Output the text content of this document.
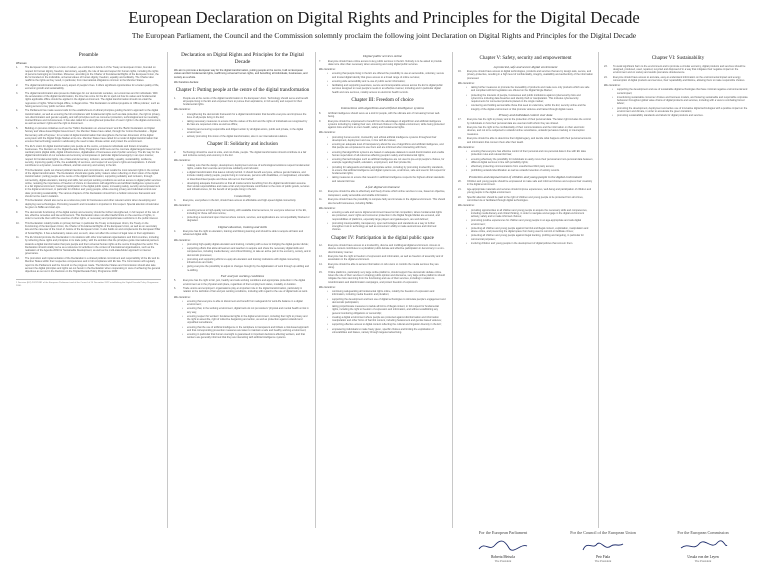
European Declaration on Digital Rights and Principles for the Digital Decade

The European Parliament, the Council and the Commission solemnly proclaim the following joint Declaration on Digital Rights and Principles for the Digital Decade

Preamble
Whereas:
1.	The European Union (EU) is a 'union of values', as enshrined in Article 2 of the Treaty on European Union, founded on respect for human dignity, freedom, democracy, equality, the rule of law and respect for human rights, including the rights of persons belonging to minorities. Moreover, according to the Charter of Fundamental Rights of the European Union, the EU is founded on the indivisible, universal values of human dignity, freedom, equality and solidarity. The Charter also reaffirms the rights as they result, in particular, from international obligations common to the Member States.
2.	The digital transformation affects every aspect of people's lives. It offers significant opportunities for a better quality of life, economic growth and sustainability.
3.	The digital transformation also presents challenges for our democratic societies, our economies and for individuals. With the acceleration of the digital transformation, the time has come for the EU to spell out how its values and fundamental rights applicable offline should be applied in the digital environment. The digital transformation should not entail the regression of rights. What is illegal offline, is illegal online. This Declaration is without prejudice to 'offline policies', such as having access to key public services offline.
4.	The Parliament has made several calls for the establishment of ethical principles guiding the EU's approach to the digital transformation, as well as ensuring the full compliance with fundamental rights such as data protection, the right to privacy, non-discrimination and gender equality, and with principles such as consumer protection, technological and net neutrality, trustworthiness and inclusiveness. It has also called for a strengthened protection of users' rights in the digital environment, as well as workers' rights and the right to disconnect.
5.	Building on previous initiatives such as the 'Tallinn Declaration on eGovernment' and the 'Berlin Declaration on Digital Society and Value-based Digital Government', the Member States have called, through the 'Lisbon Declaration – Digital Democracy with a Purpose', for a model of digital transformation that strengthens the human dimension of the digital ecosystem with the Digital Single Market at its core. Member States have called for a model of digital transformation that ensures that technology assists in addressing the need to take climate action and protect the environment.
6.	The EU's vision for digital transformation puts people at the centre, empowers individuals and fosters innovative businesses. The Decision on the Digital Decade Policy Programme 2030 sets out the concrete digital targets based on four cardinal points (digital skills, digital infrastructures, digitalisation of businesses and of public services). The EU way for the digital transformation of our societies and economy encompasses in particular digital sovereignty in an open manner, respect for fundamental rights, rule of law and democracy, inclusion, accessibility, equality, sustainability, resilience, security, improving quality of life, the availability of services, and respect of everyone's rights and aspirations. It should contribute to a dynamic, resource efficient, and fair economy and society in the EU.
7.	This Declaration spells out shared political intentions and commitments, and recalls the most relevant rights in the context of the digital transformation. The Declaration should also guide policy makers when reflecting on their vision of the digital transformation: putting people at the centre of the digital transformation; supporting solidarity and inclusion, through connectivity, digital education, training and skills, fair and just working conditions as well as access to digital public services online; restating the importance of freedom of choice in interactions with algorithms and artificial intelligence systems and in a fair digital environment; fostering participation in the digital public space; increasing safety, security and empowerment in the digital environment, in particular for children and young people, while ensuring privacy and individual control over data; promoting sustainability. The various chapters of this Declaration should form a holistic reference framework and should not be read in isolation.
8.	This Declaration should also serve as a reference point for businesses and other relevant actors when developing and deploying new technologies. Promoting research and innovation is important in this respect. Special attention should also be given to SMEs and start-ups.
9.	The democratic functioning of the digital society and economy should be further strengthened, in full respect of the rule of law, effective remedies and law enforcement. This Declaration does not affect lawful limits on the exercise of rights, in order to reconcile them with the exercise of other rights, or necessary and proportionate restrictions in the public interest.
10.	This Declaration notably builds on primary EU law, in particular the Treaty on European Union, the Treaty on the Functioning of the European Union, the Charter of Fundamental Rights of the European Union, as well as on secondary law and the case-law of the Court of Justice of the European Union. It also builds on and complements the European Pillar of Social Rights. It has a declaratory nature and, as such, does not affect the content of legal rules or their application.
11.	The EU should promote the Declaration in its relations with other international organisations and third countries, including by reflecting these rights and principles in its trade policy, with the ambition that the principles guide international partners towards a digital transformation that puts people and their universal human rights at the centre throughout the world. The Declaration should notably serve as a reference for activities in the context of international organisations, such as the realisation of the Agenda 2030 for Sustainable Development, as well as the multi-stakeholder approach to internet governance.
12.	The promotion and implementation of the Declaration is a shared political commitment and responsibility of the EU and its Member States within their respective competences and in full compliance with EU law. The Commission will regularly report to the Parliament and the Council on the progress made. The Member States and Commission should also take account the digital principles and rights set out herein in the Declaration when cooperating in view of achieving the general objectives as set out in the Decision on the 'Digital Decade Policy Programme 2030'.
1 Decision (EU) 2022/2481 of the European Parliament and of the Council of 14 December 2022 establishing the Digital Decade Policy Programme 2030.
Declaration on Digital Rights and Principles for the Digital Decade
We aim to promote a European way for the digital transformation, putting people at the centre, built on European values and EU fundamental rights, reaffirming universal human rights, and benefiting all individuals, businesses, and society as a whole.
We therefore declare:
Chapter I: Putting people at the centre of the digital transformation
1.	People are at the centre of the digital transformation in the European Union. Technology should serve and benefit all people living in the EU and empower them to pursue their aspirations, in full security and respect for their fundamental rights.
We commit to:
•	strengthening the democratic framework for a digital transformation that benefits everyone and improves the lives of all people living in the EU;
•	taking necessary measures to ensure that the values of the EU and the rights of individuals as recognised by EU law are respected online as well as offline;
•	fostering and ensuring responsible and diligent action by all digital actors, public and private, in the digital environment;
•	actively promoting this vision of the digital transformation, also in our international relations.
Chapter II: Solidarity and inclusion
2.	Technology should be used to unite, and not divide, people. The digital transformation should contribute to a fair and inclusive society and economy in the EU.
We commit to:
•	making sure that the design, development, deployment and use of technological solutions respect fundamental rights, enable their exercise and promote solidarity and inclusion;
•	a digital transformation that leaves nobody behind. It should benefit everyone, achieve gender balance, and include notably elderly people, people living in rural areas, persons with disabilities, or marginalised, vulnerable or disenfranchised people and those who act on their behalf;
•	developing adequate frameworks so that all market actors benefiting from the digital transformation assume their social responsibilities and make a fair and proportionate contribution to the costs of public goods, services and infrastructures, for the benefit of all people living in the EU.
Connectivity
3.	Everyone, everywhere in the EU, should have access to affordable and high-speed digital connectivity.
We commit to:
•	ensuring access to high-quality connectivity, with available Internet access, for everyone wherever in the EU, including for those with low income;
•	protecting a neutral and open Internet where content, services, and applications are not unjustifiably blocked or degraded.
Digital education, training and skills
4.	Everyone has the right to education, training and lifelong learning and should be able to acquire all basic and advanced digital skills.
We commit to:
•	promoting high-quality digital education and training, including with a view to bridging the digital gender divide;
•	supporting efforts that allow all learners and teachers to acquire and share the necessary digital skills and competences, including media literacy, and critical thinking, to take an active part in the economy, society, and in democratic processes;
•	promoting and supporting efforts to equip all education and training institutions with digital connectivity, infrastructure and tools;
•	giving everyone the possibility to adjust to changes brought by the digitalisation of work through up-skilling and re-skilling.
Fair and just working conditions
5.	Everyone has the right to fair, just, healthy and safe working conditions and appropriate protection in the digital environment as in the physical work place, regardless of their employment status, modality or duration.
6.	Trade unions and employers' organisations play an important role in the digital transformation, particularly in relation to the definition of fair and just working conditions, including with regard to the use of digital tools at work.
We commit to:
•	ensuring that everyone is able to disconnect and benefit from safeguards for work-life balance in a digital environment;
•	ensuring that, in the working environment, digital tools do not put workers' physical and mental health at risk in any way;
•	ensuring respect for workers' fundamental rights in the digital environment, including their right to privacy and the right to assemble, right of collective bargaining and action, as well as protection against unlawful and unjustified surveillance;
•	ensuring that the use of artificial intelligence in the workplace is transparent and follows a risk-based approach and that corresponding prevention measures are taken to maintain a safe and healthy working environment;
•	ensuring in particular that human oversight is guaranteed in important decisions affecting workers, and that workers are generally informed that they are interacting with artificial intelligence systems.
Digital public services online
7.	Everyone should have online access to key public services in the EU. Nobody is to be asked to provide data more often than necessary when accessing and using digital public services.
We commit to:
•	ensuring that people living in the EU are offered the possibility to use an accessible, voluntary, secure and trusted digital identity that gives access to a broad range of online services;
•	ensuring wide accessibility and re-use of public sector information;
•	facilitating and supporting seamless, secure and interoperable access across the EU to digital public services designed to meet people's needs in an effective manner, including and in particular digital health and care services, notably access to electronic health records.
Chapter III: Freedom of choice
Interactions with algorithms and artificial intelligence systems
8.	Artificial intelligence should serve as a tool for people, with the ultimate aim of increasing human well-being.
9.	Everyone should be empowered to benefit from the advantages of algorithmic and artificial intelligence systems including by making their own, informed choices in the digital environment, while being protected against risks and harm to one's health, safety and fundamental rights.
We commit to:
•	promoting human-centric, trustworthy and ethical artificial intelligence systems throughout their development, deployment and use, in line with EU values;
•	ensuring an adequate level of transparency about the use of algorithms and artificial intelligence, and that people are empowered to use them and are informed when interacting with them;
•	ensuring that algorithmic systems are based on adequate datasets to avoid discrimination and enable human supervision of all outcomes affecting people's safety and fundamental rights;
•	ensuring that technologies such as artificial intelligence are not used to pre-empt people's choices, for example regarding health, education, employment, and their private life;
•	providing for safeguards and taking appropriate action, including by promoting trustworthy standards, to ensure that artificial intelligence and digital systems are, at all times, safe and used in full respect for fundamental rights;
•	taking measures to ensure that research in artificial intelligence respects the highest ethical standards and relevant EU law.
A fair digital environment
10.	Everyone should be able to effectively and freely choose which online services to use, based on objective, transparent, easily accessible and reliable information.
11.	Everyone should have the possibility to compete fairly and innovate in the digital environment. This should also benefit businesses, including SMEs.
We commit to:
•	ensuring a safe and secure digital environment based on fair competition, where fundamental rights are protected, users' rights and consumer protection in the Digital Single Market are ensured, and responsibilities of platforms, especially large players and gatekeepers, are well defined;
•	promoting interoperability, transparency, open technologies and standards as a way to further strengthen trust in technology as well as consumers' ability to make autonomous and informed choices.
Chapter IV: Participation in the digital public space
12.	Everyone should have access to a trustworthy, diverse and multilingual digital environment. Access to diverse content contributes to a pluralistic public debate and effective participation in democracy in a non-discriminatory manner.
13.	Everyone has the right to freedom of expression and information, as well as freedom of assembly and of association in the digital environment.
14.	Everyone should be able to access information on who owns or controls the media services they are using.
15.	Online platforms, particularly very large online platforms, should support free democratic debate online. Given the role of their services in shaping public opinion and discourse, very large online platforms should mitigate the risks stemming from the functioning and use of their services, including in relation to misinformation and disinformation campaigns, and protect freedom of expression.
We commit to:
•	continuing safeguarding all fundamental rights online, notably the freedom of expression and information, including media freedom and pluralism;
•	supporting the development and best use of digital technologies to stimulate people's engagement and democratic participation;
•	taking proportionate measures to tackle all forms of illegal content, in full respect for fundamental rights, including the right to freedom of expression and information, and without establishing any general monitoring obligations or censorship;
•	creating a digital environment where people are protected against disinformation and information manipulation and other forms of harmful content, including harassment and gender-based violence;
•	supporting effective access to digital content reflecting the cultural and linguistic diversity in the EU;
•	empowering individuals to make freely given, specific choices and limiting the exploitation of vulnerabilities and biases, namely through targeted advertising.
Chapter V: Safety, security and empowerment
A protected, safe and secure digital environment
16.	Everyone should have access to digital technologies, products and services that are by design safe, secure, and privacy-protective, resulting in a high level of confidentiality, integrity, availability and authenticity of the information processed.
We commit to:
•	taking further measures to promote the traceability of products and make sure only products which are safe and compliant with EU legislation are offered on the Digital Single Market;
•	protecting the interests of people, businesses and public institutions against cybersecurity risks and cybercrime including data breaches and identity theft or manipulation. This includes cybersecurity requirements for connected products placed on the single market;
•	countering and holding accountable those that seek to undermine, within the EU, security online and the integrity of the digital environment or that promote violence and hatred through digital means.
Privacy and individual control over data
17.	Everyone has the right to privacy and to the protection of their personal data. The latter right includes the control by individuals on how their personal data are used and with whom they are shared.
18.	Everyone has the right to the confidentiality of their communications and the information on their electronic devices, and not to be subjected to unlawful online surveillance, unlawful pervasive tracking or interception measures.
19.	Everyone should be able to determine their digital legacy, and decide what happens with their personal accounts and information that concern them after their death.
We commit to:
•	ensuring that everyone has effective control of their personal and non-personal data in line with EU data protection rules and relevant EU law;
•	ensuring effectively the possibility for individuals to easily move their personal and non-personal data between different digital services in line with portability rights;
•	effectively protecting communications from unauthorised third party access;
•	prohibiting unlawful identification as well as unlawful retention of activity records.
Protection and empowerment of children and young people in the digital environment
20.	Children and young people should be empowered to make safe and informed choices and express their creativity in the digital environment.
21.	Age-appropriate materials and services should improve experiences, well-being and participation of children and young people in the digital environment.
22.	Specific attention should be paid to the right of children and young people to be protected from all crimes, committed via or facilitated through digital technologies.
We commit to:
•	providing opportunities to all children and young people to acquire the necessary skills and competences, including media literacy and critical thinking, in order to navigate and engage in the digital environment actively, safely and to make informed choices;
•	promoting positive experiences for children and young people in an age-appropriate and safe digital environment;
•	protecting all children and young people against harmful and illegal content, exploitation, manipulation and abuse online, and preventing the digital space from being used to commit or facilitate crimes;
•	protecting all children and young people against illegal tracking, profiling and targeting, in particular for commercial purposes;
•	involving children and young people in the development of digital policies that concern them.
Chapter VI: Sustainability
23.	To avoid significant harm to the environment and to promote a circular economy, digital products and services should be designed, produced, used, repaired, recycled and disposed of in a way that mitigates their negative impact on the environment and on society and avoids premature obsolescence.
24.	Everyone should have access to accurate, easy-to-understand information on the environmental impact and energy consumption of digital products and services, their repairability and lifetime, allowing them to make responsible choices.
We commit to:
•	supporting the development and use of sustainable digital technologies that have minimal negative environmental and social impact;
•	incentivising sustainable consumer choices and business models, and fostering sustainable and responsible corporate behaviour throughout global value chains of digital products and services, including with a view to combating forced labour;
•	promoting the development, deployment and active use of innovative digital technologies with a positive impact on the environment and climate, in order to accelerate the green transition;
•	promoting sustainability standards and labels for digital products and services.
For the European Parliament
Roberta Metsola
The President
For the Council of the European Union
Petr Fiala
The President
For the European Commission
Ursula von der Leyen
The President
